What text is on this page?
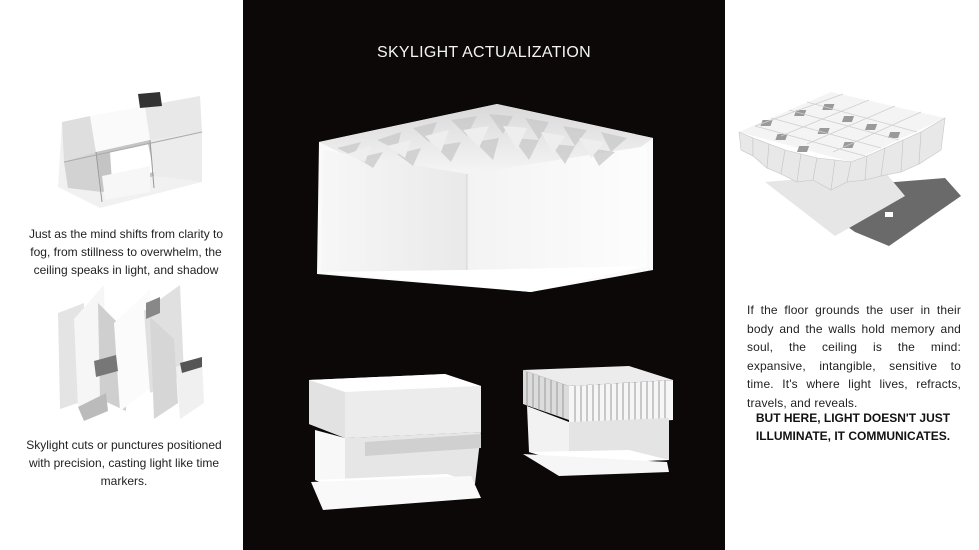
Just as the mind shifts from clarity to fog, from stillness to overwhelm, the ceiling speaks in light, and shadow
Skylight cuts or punctures positioned with precision, casting light like time markers.
SKYLIGHT ACTUALIZATION
If the floor grounds the user in their body and the walls hold memory and soul, the ceiling is the mind: expansive, intangible, sensitive to time. It's where light lives, refracts, travels, and reveals.
BUT HERE, LIGHT DOESN'T JUST ILLUMINATE, IT COMMUNICATES.
